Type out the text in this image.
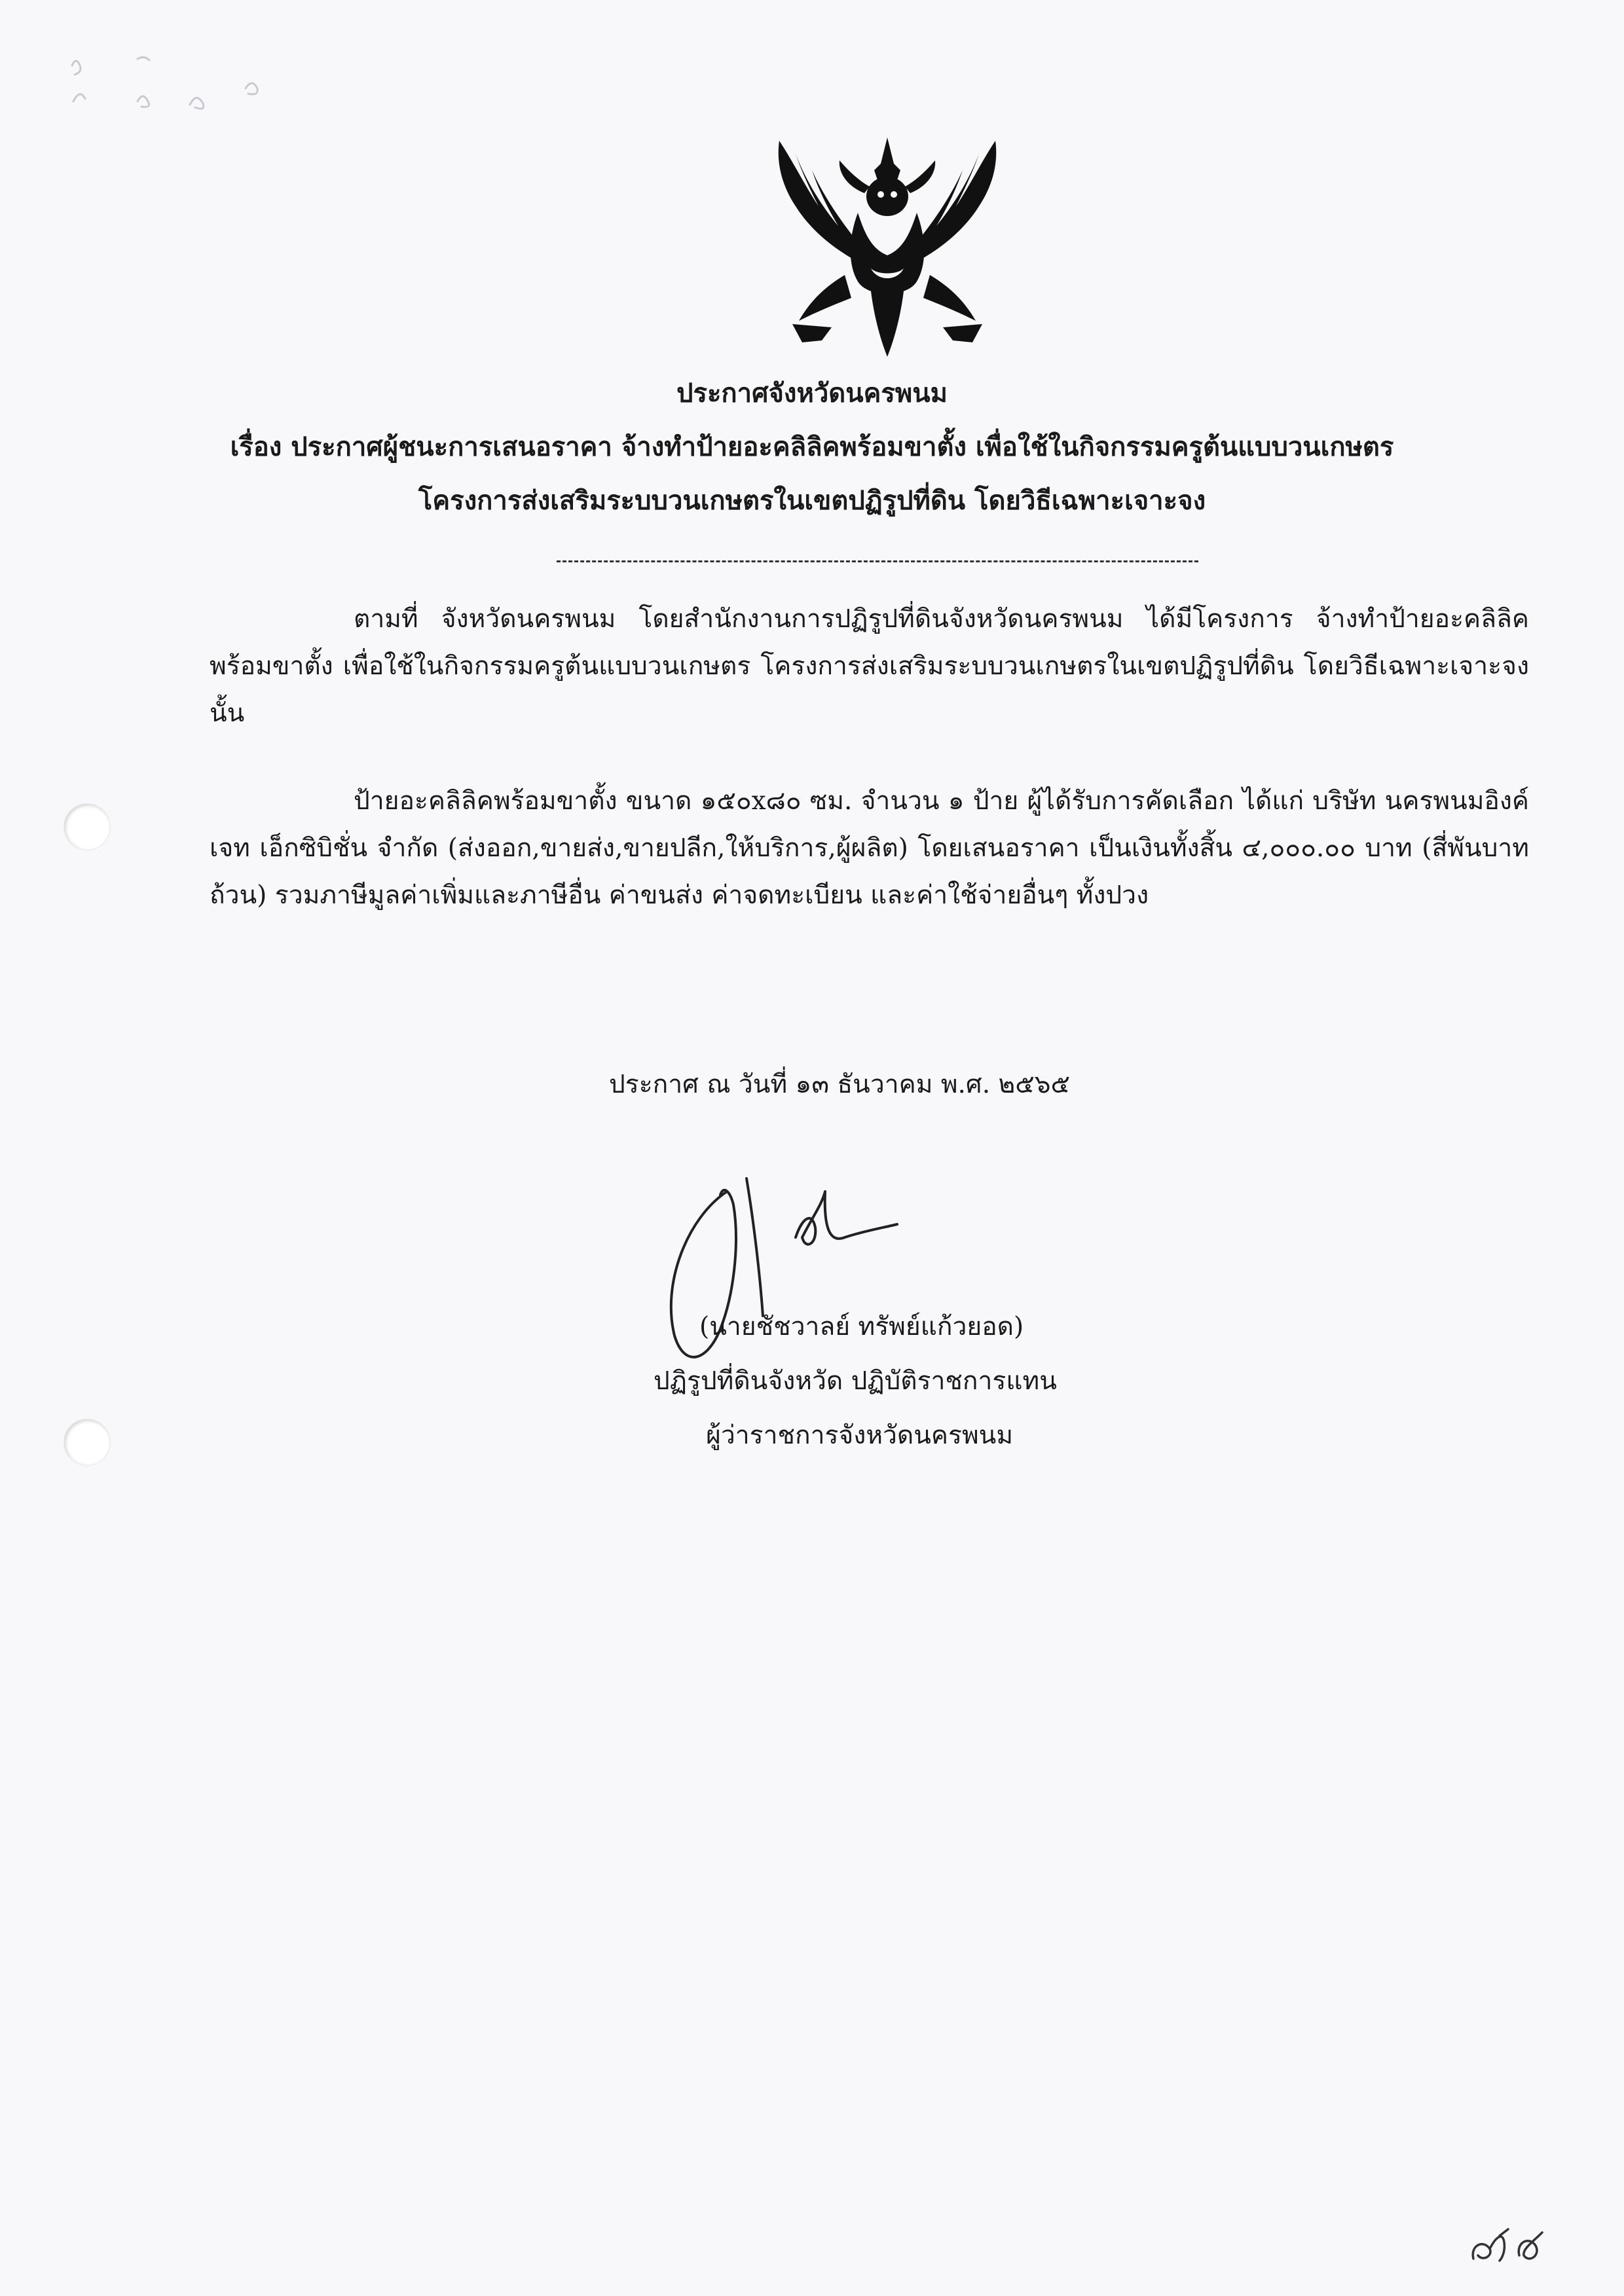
ประกาศจังหวัดนครพนม
เรื่อง ประกาศผู้ชนะการเสนอราคา จ้างทำป้ายอะคลิลิคพร้อมขาตั้ง เพื่อใช้ในกิจกรรมครูต้นแบบวนเกษตร
โครงการส่งเสริมระบบวนเกษตรในเขตปฏิรูปที่ดิน โดยวิธีเฉพาะเจาะจง

ตามที่ จังหวัดนครพนม โดยสำนักงานการปฏิรูปที่ดินจังหวัดนครพนม ได้มีโครงการ จ้างทำป้ายอะคลิลิค พร้อมขาตั้ง เพื่อใช้ในกิจกรรมครูต้นแบบวนเกษตร โครงการส่งเสริมระบบวนเกษตรในเขตปฏิรูปที่ดิน โดยวิธีเฉพาะเจาะจง นั้น

ป้ายอะคลิลิคพร้อมขาตั้ง ขนาด ๑๕๐x๘๐ ซม. จำนวน ๑ ป้าย ผู้ได้รับการคัดเลือก ได้แก่ บริษัท นครพนมอิงค์เจท เอ็กซิบิชั่น จำกัด (ส่งออก,ขายส่ง,ขายปลีก,ให้บริการ,ผู้ผลิต) โดยเสนอราคา เป็นเงินทั้งสิ้น ๔,๐๐๐.๐๐ บาท (สี่พันบาทถ้วน) รวมภาษีมูลค่าเพิ่มและภาษีอื่น ค่าขนส่ง ค่าจดทะเบียน และค่าใช้จ่ายอื่นๆ ทั้งปวง

ประกาศ ณ วันที่ ๑๓ ธันวาคม พ.ศ. ๒๕๖๕
(นายชัชวาลย์ ทรัพย์แก้วยอด)
ปฏิรูปที่ดินจังหวัด ปฏิบัติราชการแทน
ผู้ว่าราชการจังหวัดนครพนม
